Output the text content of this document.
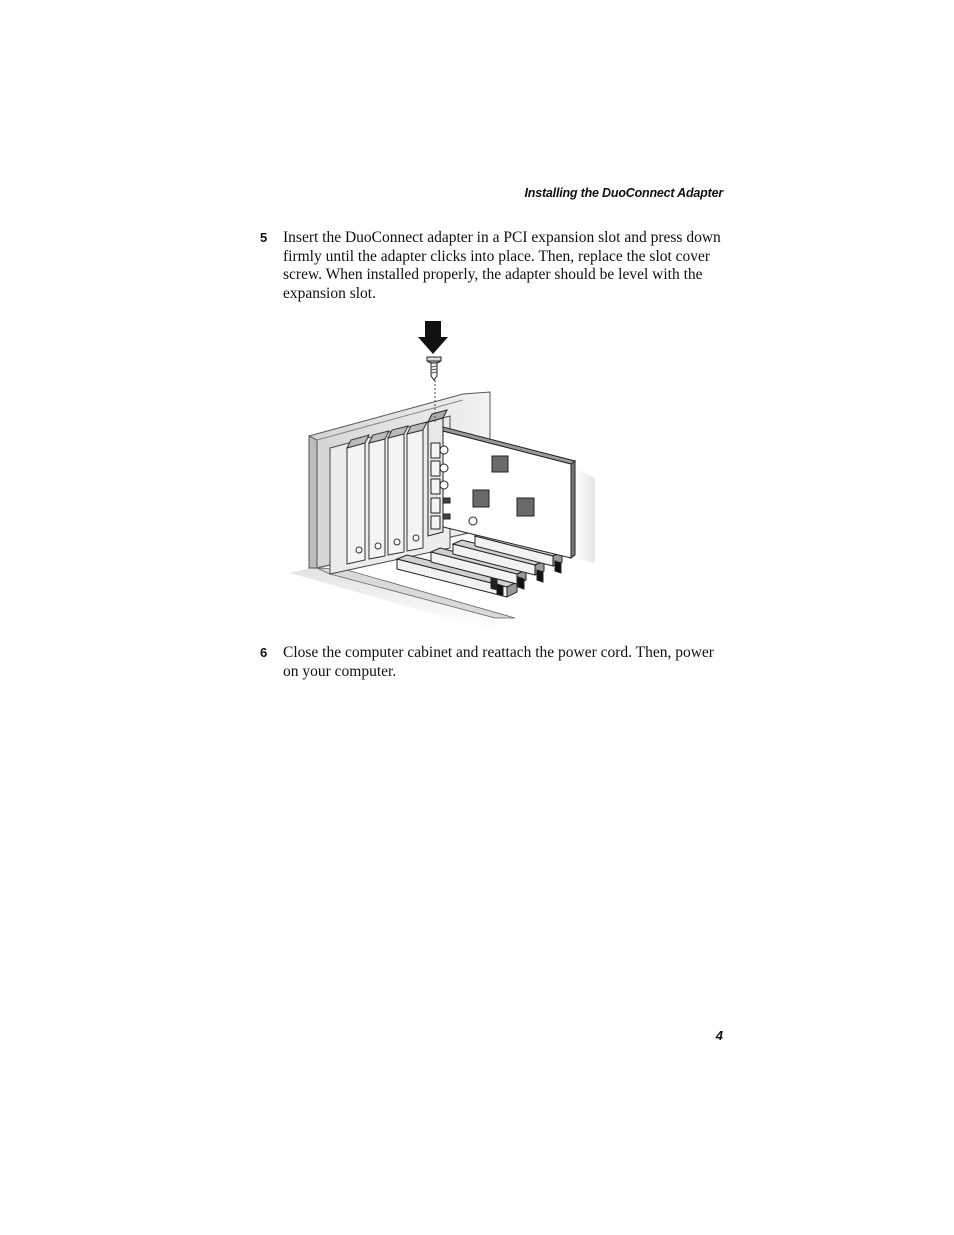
Installing the DuoConnect Adapter
5 Insert the DuoConnect adapter in a PCI expansion slot and press down firmly until the adapter clicks into place. Then, replace the slot cover screw. When installed properly, the adapter should be level with the expansion slot.
6 Close the computer cabinet and reattach the power cord. Then, power on your computer.
4
